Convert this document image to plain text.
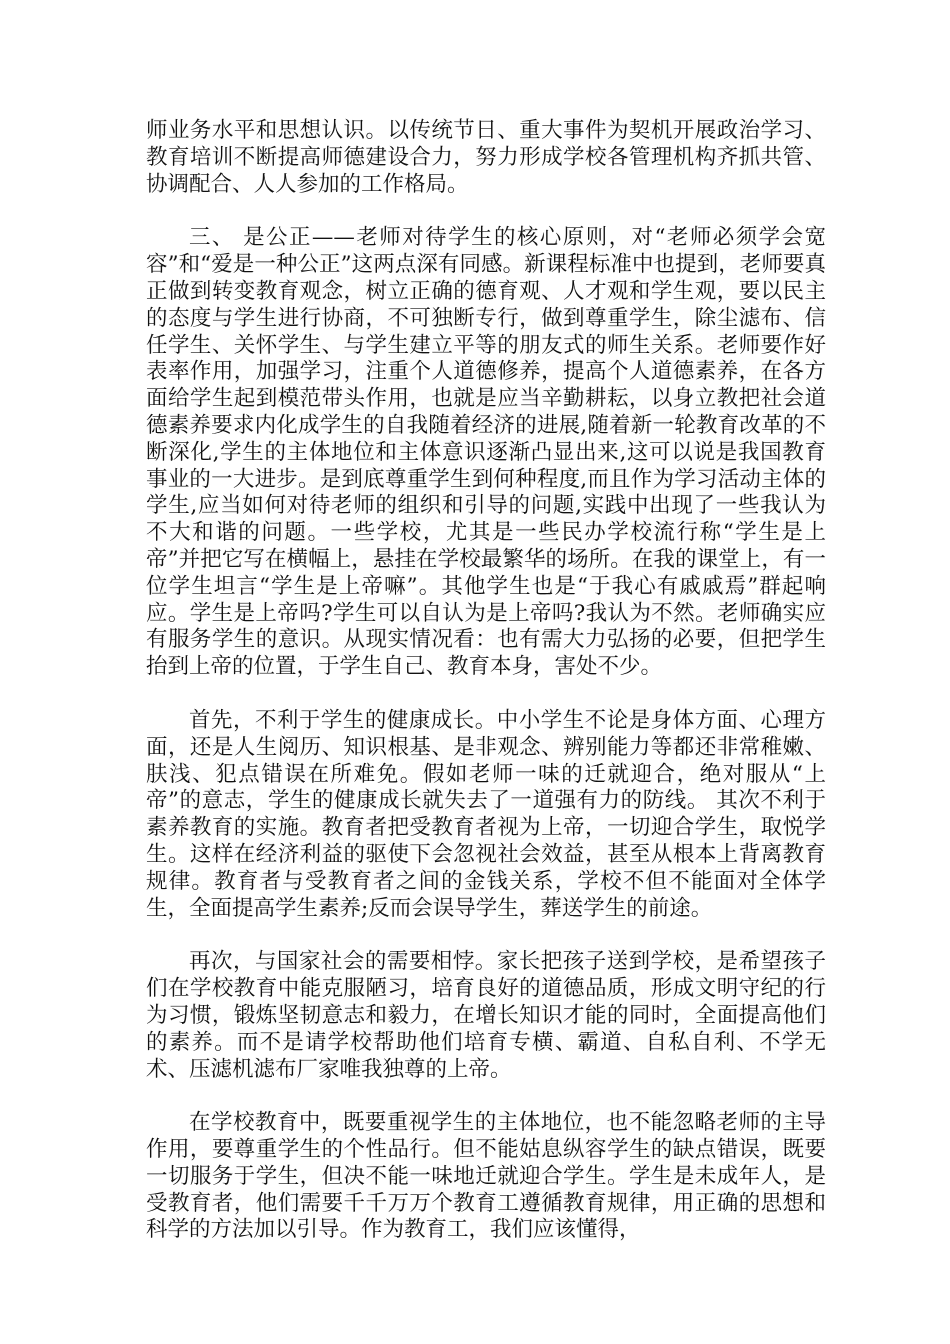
师业务水平和思想认识。以传统节日、重大事件为契机开展政治学习、教育培训不断提高师德建设合力，努力形成学校各管理机构齐抓共管、协调配合、人人参加的工作格局。

三、 是公正——老师对待学生的核心原则，对“老师必须学会宽容”和“爱是一种公正”这两点深有同感。新课程标准中也提到，老师要真正做到转变教育观念，树立正确的德育观、人才观和学生观，要以民主的态度与学生进行协商，不可独断专行，做到尊重学生，除尘滤布、信任学生、关怀学生、与学生建立平等的朋友式的师生关系。老师要作好表率作用，加强学习，注重个人道德修养，提高个人道德素养，在各方面给学生起到模范带头作用，也就是应当辛勤耕耘，以身立教把社会道德素养要求内化成学生的自我随着经济的进展,随着新一轮教育改革的不断深化,学生的主体地位和主体意识逐渐凸显出来,这可以说是我国教育事业的一大进步。是到底尊重学生到何种程度,而且作为学习活动主体的学生,应当如何对待老师的组织和引导的问题,实践中出现了一些我认为不大和谐的问题。一些学校，尤其是一些民办学校流行称“学生是上帝”并把它写在横幅上，悬挂在学校最繁华的场所。在我的课堂上，有一位学生坦言“学生是上帝嘛”。其他学生也是“于我心有戚戚焉”群起响应。学生是上帝吗?学生可以自认为是上帝吗?我认为不然。老师确实应有服务学生的意识。从现实情况看：也有需大力弘扬的必要，但把学生抬到上帝的位置，于学生自己、教育本身，害处不少。

首先，不利于学生的健康成长。中小学生不论是身体方面、心理方面，还是人生阅历、知识根基、是非观念、辨别能力等都还非常稚嫩、肤浅、犯点错误在所难免。假如老师一味的迁就迎合，绝对服从“上帝”的意志，学生的健康成长就失去了一道强有力的防线。 其次不利于素养教育的实施。教育者把受教育者视为上帝，一切迎合学生，取悦学生。这样在经济利益的驱使下会忽视社会效益，甚至从根本上背离教育规律。教育者与受教育者之间的金钱关系，学校不但不能面对全体学生，全面提高学生素养;反而会误导学生，葬送学生的前途。

再次，与国家社会的需要相悖。家长把孩子送到学校，是希望孩子们在学校教育中能克服陋习，培育良好的道德品质，形成文明守纪的行为习惯，锻炼坚韧意志和毅力，在增长知识才能的同时，全面提高他们的素养。而不是请学校帮助他们培育专横、霸道、自私自利、不学无术、压滤机滤布厂家唯我独尊的上帝。

在学校教育中，既要重视学生的主体地位，也不能忽略老师的主导作用，要尊重学生的个性品行。但不能姑息纵容学生的缺点错误，既要一切服务于学生，但决不能一味地迁就迎合学生。学生是未成年人，是受教育者，他们需要千千万万个教育工遵循教育规律，用正确的思想和科学的方法加以引导。作为教育工，我们应该懂得，
